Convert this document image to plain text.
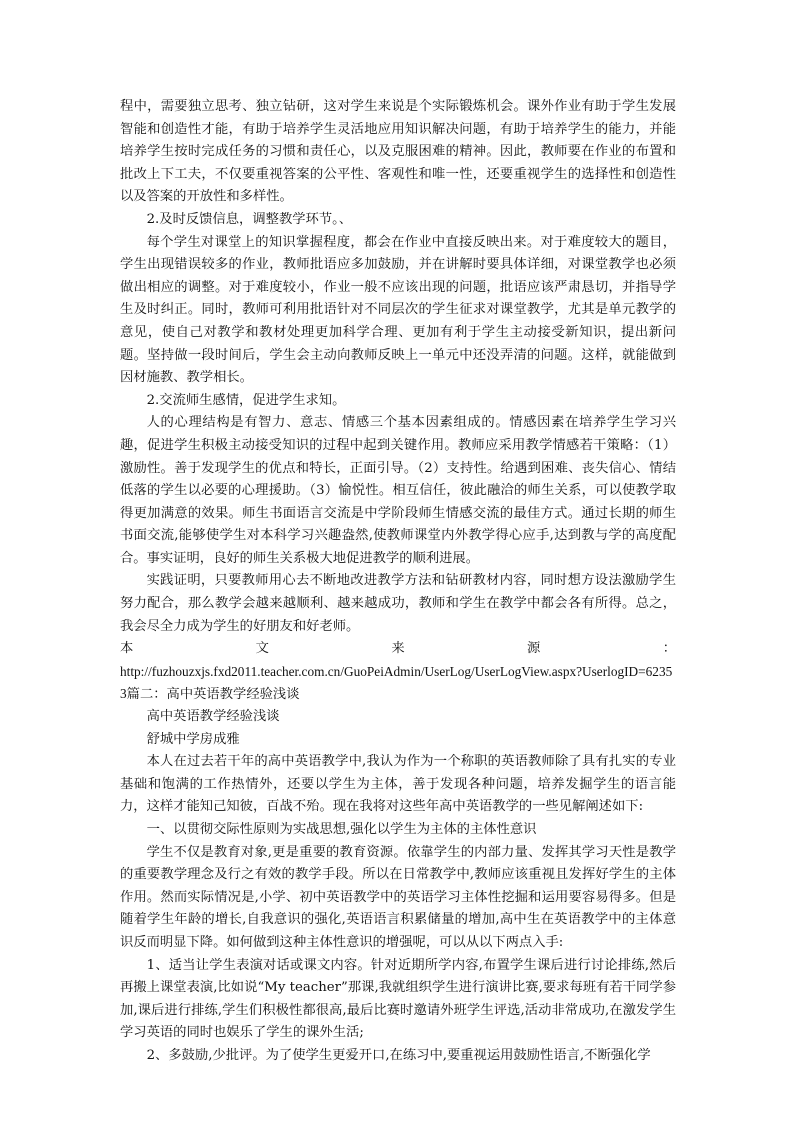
程中，需要独立思考、独立钻研，这对学生来说是个实际锻炼机会。课外作业有助于学生发展智能和创造性才能，有助于培养学生灵活地应用知识解决问题，有助于培养学生的能力，并能培养学生按时完成任务的习惯和责任心，以及克服困难的精神。因此，教师要在作业的布置和批改上下工夫，不仅要重视答案的公平性、客观性和唯一性，还要重视学生的选择性和创造性以及答案的开放性和多样性。

2.及时反馈信息，调整教学环节。、

每个学生对课堂上的知识掌握程度，都会在作业中直接反映出来。对于难度较大的题目，学生出现错误较多的作业，教师批语应多加鼓励，并在讲解时要具体详细，对课堂教学也必须做出相应的调整。对于难度较小，作业一般不应该出现的问题，批语应该严肃恳切，并指导学生及时纠正。同时，教师可利用批语针对不同层次的学生征求对课堂教学，尤其是单元教学的意见，使自己对教学和教材处理更加科学合理、更加有利于学生主动接受新知识，提出新问题。坚持做一段时间后，学生会主动向教师反映上一单元中还没弄清的问题。这样，就能做到因材施教、教学相长。

2.交流师生感情，促进学生求知。

人的心理结构是有智力、意志、情感三个基本因素组成的。情感因素在培养学生学习兴趣，促进学生积极主动接受知识的过程中起到关键作用。教师应采用教学情感若干策略：（1）激励性。善于发现学生的优点和特长，正面引导。（2）支持性。给遇到困难、丧失信心、情结低落的学生以必要的心理援助。（3）愉悦性。相互信任，彼此融洽的师生关系，可以使教学取得更加满意的效果。师生书面语言交流是中学阶段师生情感交流的最佳方式。通过长期的师生书面交流,能够使学生对本科学习兴趣盎然,使教师课堂内外教学得心应手,达到教与学的高度配合。事实证明，良好的师生关系极大地促进教学的顺利进展。

实践证明，只要教师用心去不断地改进教学方法和钻研教材内容，同时想方设法激励学生努力配合，那么教学会越来越顺利、越来越成功，教师和学生在教学中都会各有所得。总之，我会尽全力成为学生的好朋友和好老师。

本	文	来	源	：

http://fuzhouzxjs.fxd2011.teacher.com.cn/GuoPeiAdmin/UserLog/UserLogView.aspx?UserlogID=62353篇二：高中英语教学经验浅谈

高中英语教学经验浅谈

舒城中学房成雅

本人在过去若干年的高中英语教学中,我认为作为一个称职的英语教师除了具有扎实的专业基础和饱满的工作热情外，还要以学生为主体，善于发现各种问题，培养发掘学生的语言能力，这样才能知己知彼，百战不殆。现在我将对这些年高中英语教学的一些见解阐述如下:

一、以贯彻交际性原则为实战思想,强化以学生为主体的主体性意识

学生不仅是教育对象,更是重要的教育资源。依靠学生的内部力量、发挥其学习天性是教学的重要教学理念及行之有效的教学手段。所以在日常教学中,教师应该重视且发挥好学生的主体作用。然而实际情况是,小学、初中英语教学中的英语学习主体性挖掘和运用要容易得多。但是随着学生年龄的增长,自我意识的强化,英语语言积累储量的增加,高中生在英语教学中的主体意识反而明显下降。如何做到这种主体性意识的增强呢，可以从以下两点入手:

1、适当让学生表演对话或课文内容。针对近期所学内容,布置学生课后进行讨论排练,然后再搬上课堂表演,比如说“My teacher”那课,我就组织学生进行演讲比赛,要求每班有若干同学参加,课后进行排练,学生们积极性都很高,最后比赛时邀请外班学生评选,活动非常成功,在激发学生学习英语的同时也娱乐了学生的课外生活;

2、多鼓励,少批评。为了使学生更爱开口,在练习中,要重视运用鼓励性语言,不断强化学
